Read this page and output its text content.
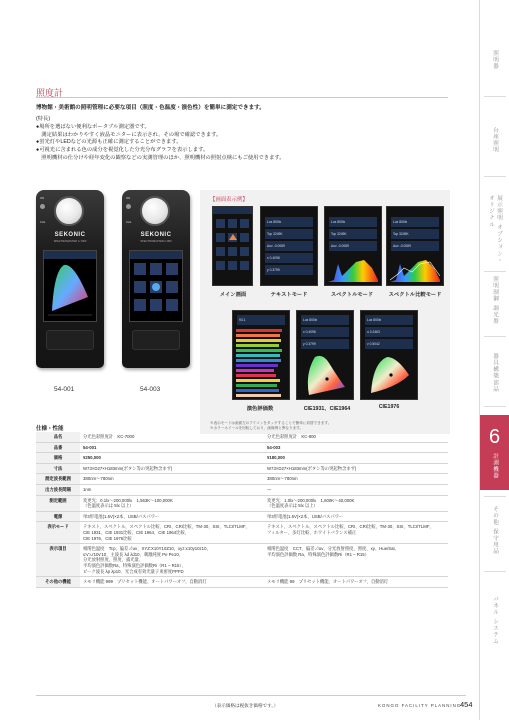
照明器
台座照明
展示照明 オプション・オリジナル
照明制御 調光盤
器具構築部品
6
計測機器
その他 保守用品
パネル システム
照度計
博物館・美術館の照明管理に必要な項目（照度・色温度・演色性）を簡単に測定できます。
(特長)
●場所を選ばない便利なポータブル測定器です。
　測定結果はわかりやすく液晶モニターに表示され、その場で確認できます。
●蛍光灯やLEDなどの光源も正確に測定することができます。
●可視光に含まれる色の成分を視覚化した分光分布グラフを表示します。
　照明機材の仕分けや経年変化の観察などの実測管理のほか、照明機材の照射点検にもご使用できます。
ON
CAL
SEKONIC
SPECTROMASTER C-7000
ON
CAL
SEKONIC
SPECTROMASTER C-800
54-001	54-003
【画面表示例】
Lux 800lx
Tcp 3249K
Δuv -0.0089
x 0.4098
y 0.3799
Lux 800lx
Tcp 3249K
Δuv -0.0089
Lux 800lx
Tcp 3249K
Δuv -0.0089
メイン画面	テキストモード	スペクトルモード	スペクトル比較モード
93.1	Lux 800lx
x 0.4098
y 0.3799
Lux 800lx
u 0.2463
v 0.5042
演色評価数	CIE1931、CIE1964	CIE1976
※表示モードは画面左のアイコンをタッチすることで簡単に切替できます。
※カラーホイールを回転しており、画像例と異なります。
仕様・性能
品名	分光色彩照度計　KC-7000	分光色彩照度計　KC-800
品番	54-001	54-003
価格	¥250,000	¥180,000
寸法	W73×D27×H183mm(ボタン等の突起物含まず)	W73×D27×H183mm(ボタン等の突起物含まず)
測定波長範囲	380nm〜780nm	380nm〜780nm
出力波長間隔	1nm	—
測定範囲	変更光：0.1lx〜200,000lx　1,563K〜100,000K
（色温度表示は 5lx 以上）	変更光：1.0lx〜200,000lx　1,600K〜40,000K
（色温度表示は 5lx 以上）
電源	単3形電池(1.5V)×2本、USB/バスパワー	単3形電池(1.5V)×2本、USB/バスパワー
表示モード	テキスト、スペクトル、スペクトル比較、CRI、CRI比較、TM-30、SSI、TLCI/TLMF、
CIE 1931、CIE 1931比較、CIE 1964、CIE 1964比較、
CIE 1976、CIE 1976比較	テキスト、スペクトル、スペクトル比較、CRI、CRI比較、TM-30、SSI、TLCI/TLMF、
フィルター、多灯比較、ホワイトバランス補正
表示項目	相関色温度　Tcp、偏差⊿uv、XYZ:X10Y10Z10、xyz:x10y10z10、
u'v':u'10v'10、主波長 λd λd10、刺激純度 Pe Pe10、
分光放射照度、照度、露光量、
平均演色評価数Ra、特殊演色評価数Ri（R1 – R15）、
ピーク波長 λp λp10、光合成有効光量子束密度PPFD	相関色温度　CCT、偏差⊿uv、分光放射照度、照度、xy、Hue/Sat、
平均演色評価数 Ra、特殊演色評価数Ri（R1 – R15）
その他の機能	メモリ機能 999　プリセット機能、オートパワーオフ、自動消灯	メモリ機能 99　プリセット機能、オートパワーオフ、自動消灯
（表示価格は税抜き価格です。）	KONGO FACILITY PLANNING
454
